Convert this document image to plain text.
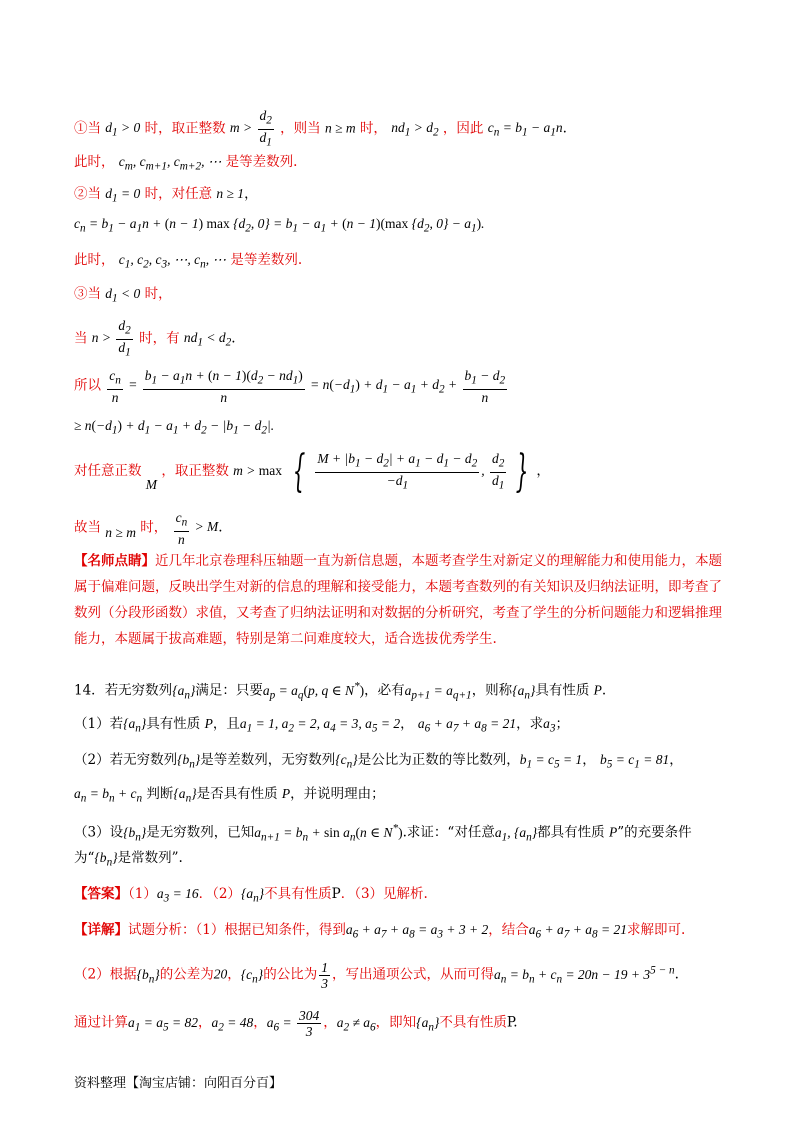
①当 $d_1 > 0$ 时，取正整数 $m > \frac{d_2}{d_1}$ ，则当 n ≥ m 时， $nd_1 > d_2$ ，因此 $c_n = b_1 - a_1n$.
此时， $c_m$, $c_{m+1}$, $c_{m+2}$, ⋯ 是等差数列.
②当 $d_1 = 0$ 时，对任意 n ≥ 1，
$c_n = b_1 - a_1n + (n - 1)$ $\max \{d_2$, $0\} = b_1 - a_1 + (n - 1)(\max$ {$d_2$, $0\} - a_1$).
此时， $c_1$, $c_2$, $c_3$, ⋯, $c_n$, ⋯ 是等差数列.
③当 $d_1 < 0$ 时，
当 $n > \frac{d_2}{d_1}$ 时，有 $nd_1 < d_2$.
所以 $\frac{c_n}{n} = \frac{b_1 - a_1n + (n - 1)(d_2 - nd_1)}{n} = n(-d_1) + d_1 - a_1 + d_2 + \frac{b_1 - d_2}{n}$
≥ $n(-d_1) + d_1 - a_1 + d_2 - |b_1 - d_2|$.
对任意正数 M ，取正整数 m > max { $\frac{M + |b_1 - d_2| + a_1 - d_1 - d_2}{-d_1}$ , $\frac{d_2}{d_1}$ } ，
故当 n ≥ m 时， $\frac{c_n}{n} > M$.
【名师点睛】近几年北京卷理科压轴题一直为新信息题，本题考查学生对新定义的理解能力和使用能力，本题属于偏难问题，反映出学生对新的信息的理解和接受能力，本题考查数列的有关知识及归纳法证明，即考查了数列（分段形函数）求值，又考查了归纳法证明和对数据的分析研究，考查了学生的分析问题能力和逻辑推理能力，本题属于拔高难题，特别是第二问难度较大，适合选拔优秀学生.
14．若无穷数列$\{a_n\}$满足：只要$a_p = a_q(p$, q ∈ N*)，必有$a_{p+1} = a_{q+1}$，则称$\{a_n\}$具有性质 P.
（1）若$\{a_n\}$具有性质 P，且$a_1 = 1$, $a_2 = 2$, $a_4 = 3$, $a_5 = 2$， $a_6 + a_7 + a_8 = 21$，求$a_3$；
（2）若无穷数列$\{b_n\}$是等差数列，无穷数列$\{c_n\}$是公比为正数的等比数列，$b_1 = c_5 = 1$， $b_5 = c_1 = 81$，
$a_n = b_n + c_n$ 判断$\{a_n\}$是否具有性质 P，并说明理由；
（3）设$\{b_n\}$是无穷数列，已知$a_{n+1} = b_n + \sin a_n(n$ ∈ N*).求证：“对任意$a_1$, $\{a_n\}$都具有性质 P”的充要条件
为“$\{b_n\}$是常数列”.
【答案】$(1)a_3 = 16$．$(2)\{a_n\}$不具有性质P．（3）见解析.
【详解】试题分析：（1）根据已知条件，得到$a_6 + a_7 + a_8 = a_3 + 3 + 2$，结合$a_6 + a_7 + a_8 = 21$求解即可.
（2）根据$\{b_n\}$的公差为20，$\{c_n\}$的公比为 $\frac{1}{3}$ ，写出通项公式，从而可得$a_n = b_n + c_n = 20n - 19 + 3^{5 - n}$.
通过计算$a_1 = a_5 = 82$，$a_2 = 48$，$a_6 = \frac{304}{3}$ ，$a_2 \ne a_6$，即知$\{a_n\}$不具有性质P.
资料整理【淘宝店铺：向阳百分百】
